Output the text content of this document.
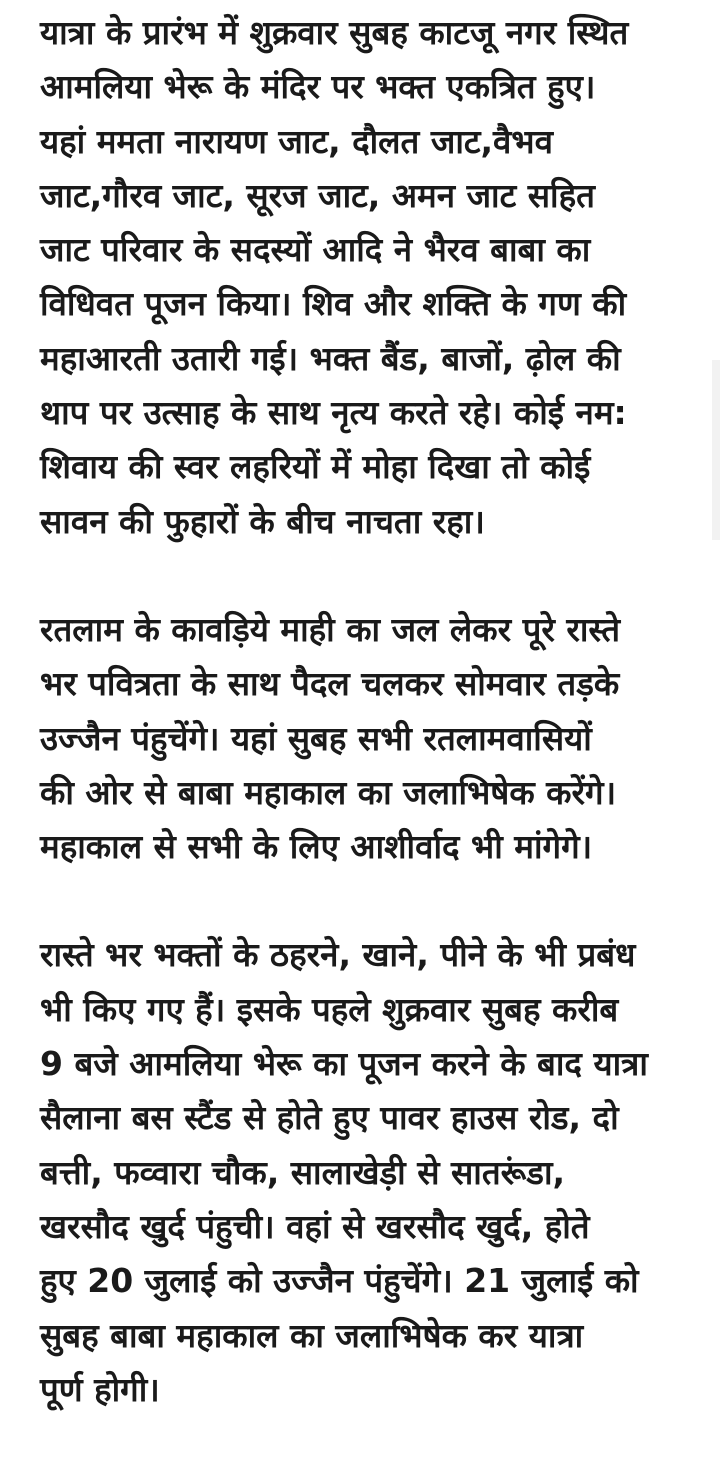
यात्रा के प्रारंभ में शुक्रवार सुबह काटजू नगर स्थित
आमलिया भेरू के मंदिर पर भक्त एकत्रित हुए।
यहां ममता नारायण जाट, दौलत जाट,वैभव
जाट,गौरव जाट, सूरज जाट, अमन जाट सहित
जाट परिवार के सदस्यों आदि ने भैरव बाबा का
विधिवत पूजन किया। शिव और शक्ति के गण की
महाआरती उतारी गई। भक्त बैंड, बाजों, ढ़ोल की
थाप पर उत्साह के साथ नृत्य करते रहे। कोई नम:
शिवाय की स्वर लहरियों में मोहा दिखा तो कोई
सावन की फुहारों के बीच नाचता रहा।

रतलाम के कावड़िये माही का जल लेकर पूरे रास्ते
भर पवित्रता के साथ पैदल चलकर सोमवार तड़के
उज्जैन पंहुचेंगे। यहां सुबह सभी रतलामवासियों
की ओर से बाबा महाकाल का जलाभिषेक करेंगे।
महाकाल से सभी के लिए आशीर्वाद भी मांगेगे।

रास्ते भर भक्तों के ठहरने, खाने, पीने के भी प्रबंध
भी किए गए हैं। इसके पहले शुक्रवार सुबह करीब
9 बजे आमलिया भेरू का पूजन करने के बाद यात्रा
सैलाना बस स्टैंड से होते हुए पावर हाउस रोड, दो
बत्ती, फव्वारा चौक, सालाखेड़ी से सातरूंडा,
खरसौद खुर्द पंहुची। वहां से खरसौद खुर्द, होते
हुए 20 जुलाई को उज्जैन पंहुचेंगे। 21 जुलाई को
सुबह बाबा महाकाल का जलाभिषेक कर यात्रा
पूर्ण होगी।
